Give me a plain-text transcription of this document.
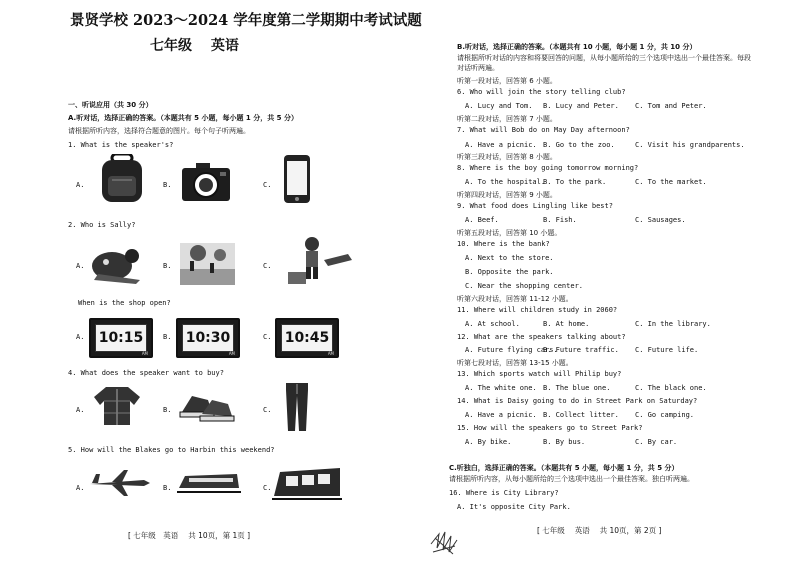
景贤学校 2023～2024 学年度第二学期期中考试试题
七年级　 英语
一、听说应用（共 30 分）
A.听对话，选择正确的答案。（本题共有 5 小题，每小题 1 分，共 5 分）
请根据所听内容，选择符合题意的图片。每个句子听两遍。
1. What is the speaker's?
A.	B.	C.
2. Who is Sally?
A.	B.	C.
When is the shop open?
A. 10:15
AM
B. 10:30
AM
C. 10:45
AM
4. What does the speaker want to buy?
A.	B.	C.
5. How will the Blakes go to Harbin this weekend?
A.	B.	C.
[ 七年级　英语　 共 10页，第 1页 ]
B.听对话，选择正确的答案。（本题共有 10 小题，每小题 1 分，共 10 分）
请根据所听对话的内容和将要回答的问题，从每小题所给的三个选项中选出一个最佳答案。每段
对话听两遍。
听第一段对话，回答第 6 小题。
6. Who will join the story telling club?
A. Lucy and Tom. B. Lucy and Peter. C. Tom and Peter.
听第二段对话，回答第 7 小题。
7. What will Bob do on May Day afternoon?
A. Have a picnic. B. Go to the zoo.	C. Visit his grandparents.
听第三段对话，回答第 8 小题。
8. Where is the boy going tomorrow morning?
A. To the hospital.
B. To the park.	C. To the market.
听第四段对话，回答第 9 小题。
9. What food does Lingling like best?
A. Beef.	B. Fish.	C. Sausages.
听第五段对话，回答第 10 小题。
10. Where is the bank?
A. Next to the store.
B. Opposite the park.
C. Near the shopping center.
听第六段对话，回答第 11-12 小题。
11. Where will children study in 2060?
A. At school.	B. At home.	C. In the library.
12. What are the speakers talking about?
A. Future flying cars.
B. Future traffic. C. Future life.
听第七段对话，回答第 13-15 小题。
13. Which sports watch will Philip buy?
A. The white one. B. The blue one.	C. The black one.
14. What is Daisy going to do in Street Park on Saturday?
A. Have a picnic. B. Collect litter. C. Go camping.
15. How will the speakers go to Street Park?
A. By bike.	B. By bus.	C. By car.
C.听独白，选择正确的答案。（本题共有 5 小题，每小题 1 分，共 5 分）
请根据所听内容，从每小题所给的三个选项中选出一个最佳答案。独白听两遍。
16. Where is City Library?
A. It's opposite City Park.
[ 七年级　 英语　 共 10页，第 2页 ]
